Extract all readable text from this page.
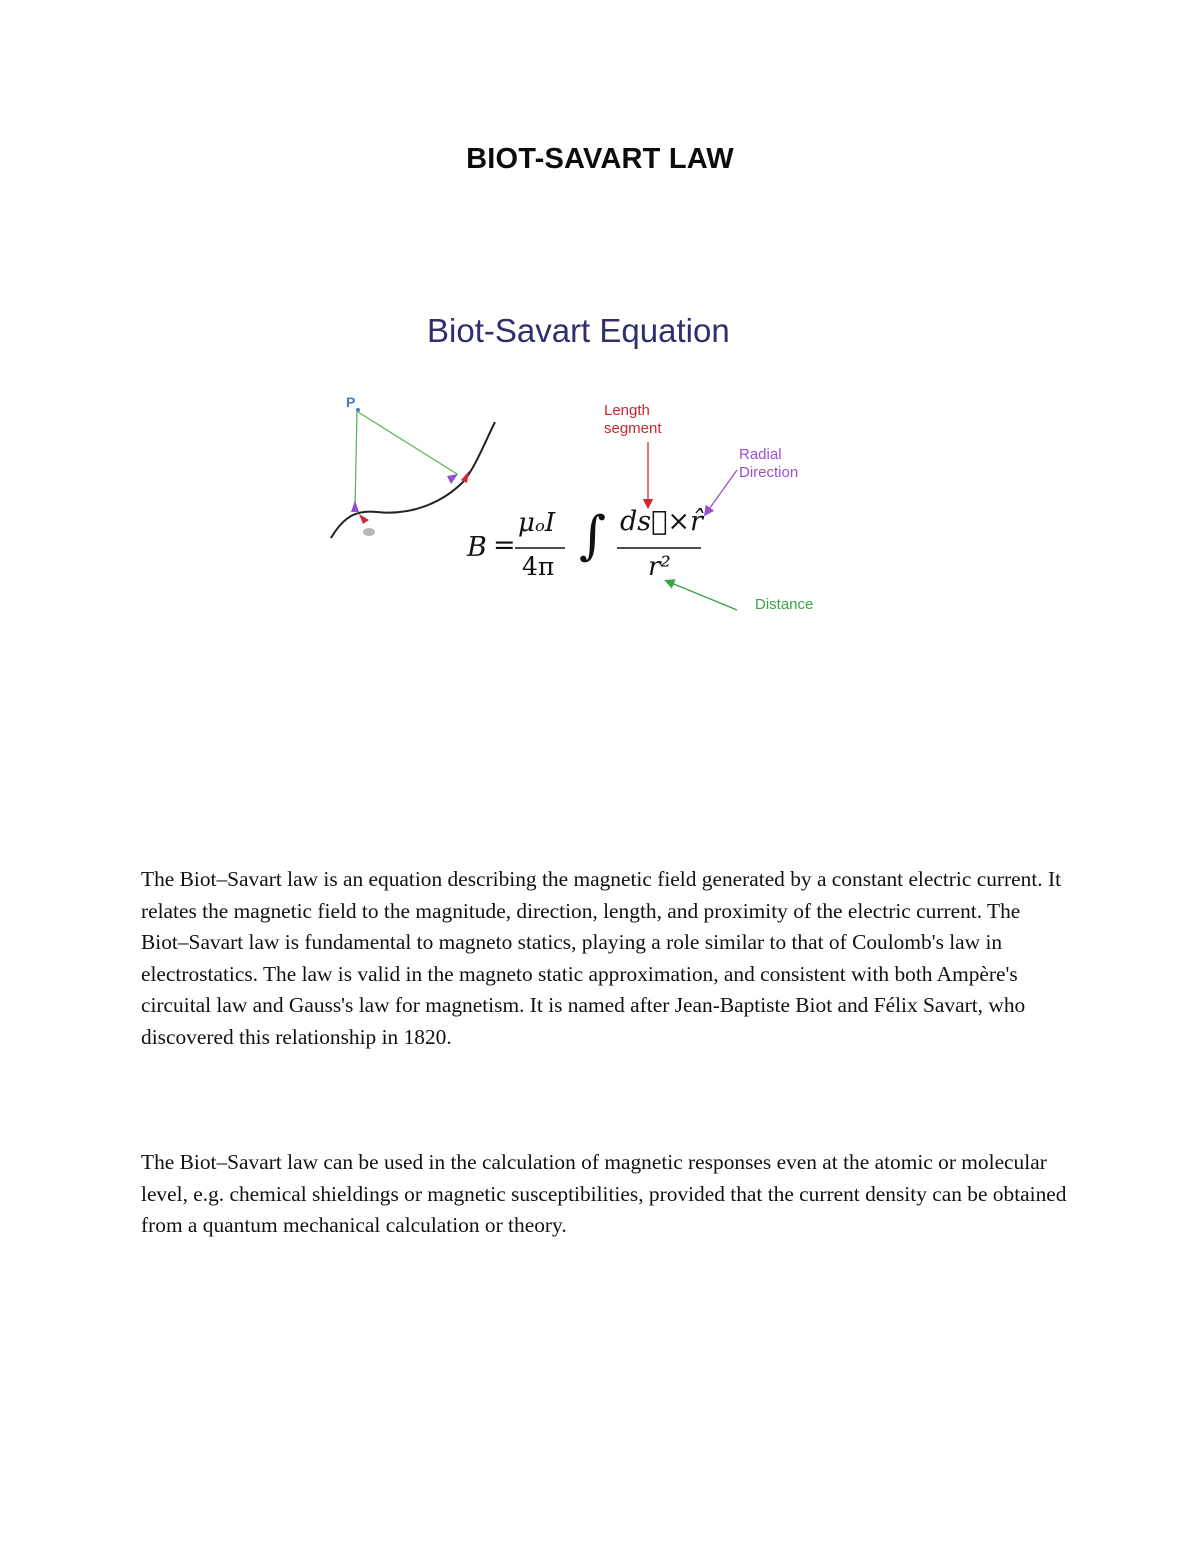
BIOT-SAVART LAW
Biot-Savart Equation
P	Length segment
Radial Direction
Distance
B =
μₒI
4π
∫ ds⃗×r̂
r²

The Biot–Savart law is an equation describing the magnetic field generated by a constant electric current. It relates the magnetic field to the magnitude, direction, length, and proximity of the electric current. The Biot–Savart law is fundamental to magneto statics, playing a role similar to that of Coulomb's law in electrostatics. The law is valid in the magneto static approximation, and consistent with both Ampère's circuital law and Gauss's law for magnetism. It is named after Jean-Baptiste Biot and Félix Savart, who discovered this relationship in 1820.

The Biot–Savart law can be used in the calculation of magnetic responses even at the atomic or molecular level, e.g. chemical shieldings or magnetic susceptibilities, provided that the current density can be obtained from a quantum mechanical calculation or theory.
